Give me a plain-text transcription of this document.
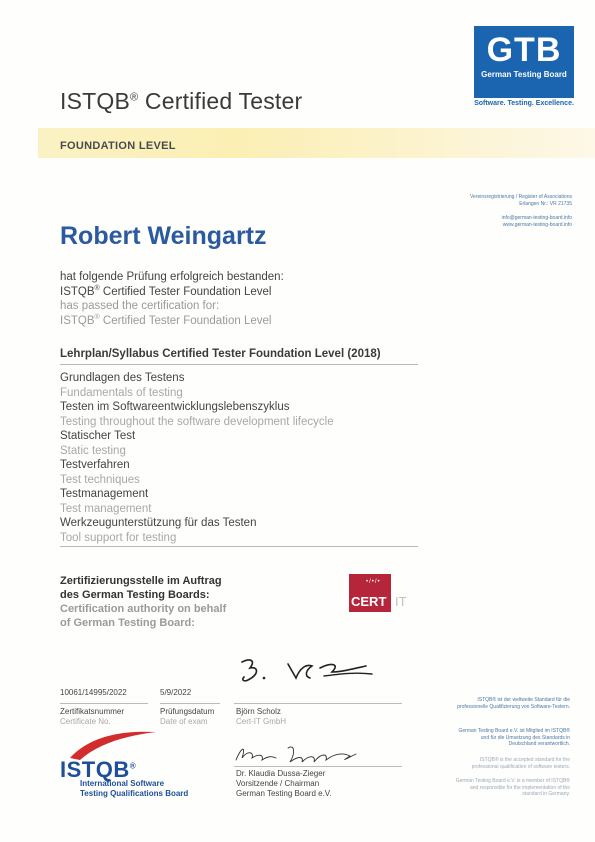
ISTQB® Certified Tester
FOUNDATION LEVEL
GTB
German Testing Board
Software. Testing. Excellence.
Vereinsregistrierung / Register of Associations
Erlangen Nr.: VR 21735
info@german-testing-board.info
www.german-testing-board.info
Robert Weingartz
hat folgende Prüfung erfolgreich bestanden:
ISTQB® Certified Tester Foundation Level
has passed the certification for:
ISTQB® Certified Tester Foundation Level
Lehrplan/Syllabus Certified Tester Foundation Level (2018)
Grundlagen des Testens
Fundamentals of testing
Testen im Softwareentwicklungslebenszyklus
Testing throughout the software development lifecycle
Statischer Test
Static testing
Testverfahren
Test techniques
Testmanagement
Test management
Werkzeugunterstützung für das Testen
Tool support for testing
Zertifizierungsstelle im Auftrag
des German Testing Boards:
Certification authority on behalf
of German Testing Board:
•/•/•
CERT IT
10061/14995/2022	5/9/2022
Zertifikatsnummer
Certificate No.
Prüfungsdatum
Date of exam
Björn Scholz
Cert-IT GmbH
ISTQB®
International Software
Testing Qualifications Board
Dr. Klaudia Dussa-Zieger
Vorsitzende / Chairman
German Testing Board e.V.
ISTQB® ist der weltweite Standard für die professionelle Qualifizierung von Software-Testern.
German Testing Board e.V. ist Mitglied im ISTQB® und für die Umsetzung des Standards in Deutschland verantwortlich.
ISTQB® is the accepted standard for the professional qualification of software testers.
German Testing Board e.V. is a member of ISTQB® and responsible for the implementation of the standard in Germany.
